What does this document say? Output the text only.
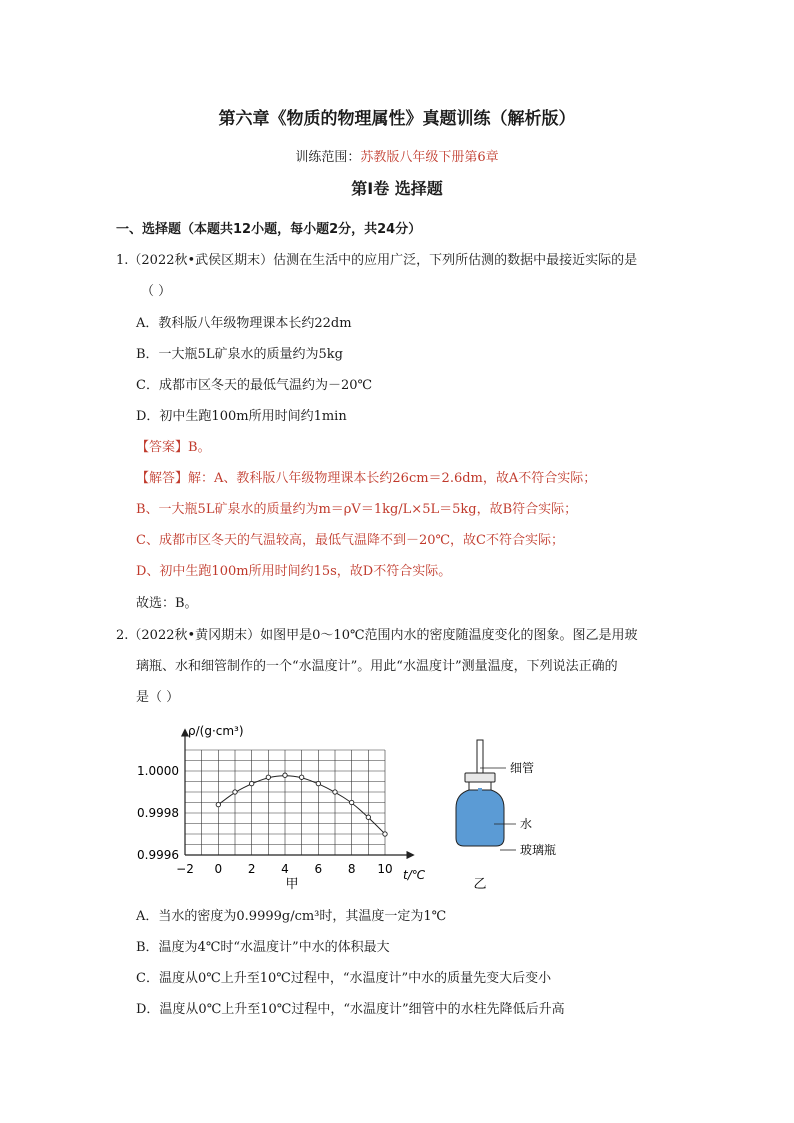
第六章《物质的物理属性》真题训练（解析版）
训练范围：苏教版八年级下册第6章
第Ⅰ卷 选择题
一、选择题（本题共12小题，每小题2分，共24分）
1.（2022秋•武侯区期末）估测在生活中的应用广泛，下列所估测的数据中最接近实际的是
（ ）
A．教科版八年级物理课本长约22dm
B．一大瓶5L矿泉水的质量约为5kg
C．成都市区冬天的最低气温约为－20℃
D．初中生跑100m所用时间约1min
【答案】B。
【解答】解：A、教科版八年级物理课本长约26cm＝2.6dm，故A不符合实际；
B、一大瓶5L矿泉水的质量约为m＝ρV＝1kg/L×5L＝5kg，故B符合实际；
C、成都市区冬天的气温较高，最低气温降不到－20℃，故C不符合实际；
D、初中生跑100m所用时间约15s，故D不符合实际。
故选：B。
2.（2022秋•黄冈期末）如图甲是0～10℃范围内水的密度随温度变化的图象。图乙是用玻
璃瓶、水和细管制作的一个“水温度计”。用此“水温度计”测量温度，下列说法正确的
是（ ）
ρ/(g·cm³)
t/℃
1.0000
0.9998
0.9996
−2 0 2 4 6 8 10
甲
细管
水
玻璃瓶
乙
A．当水的密度为0.9999g/cm³时，其温度一定为1℃
B．温度为4℃时“水温度计”中水的体积最大
C．温度从0℃上升至10℃过程中，“水温度计”中水的质量先变大后变小
D．温度从0℃上升至10℃过程中，“水温度计”细管中的水柱先降低后升高
